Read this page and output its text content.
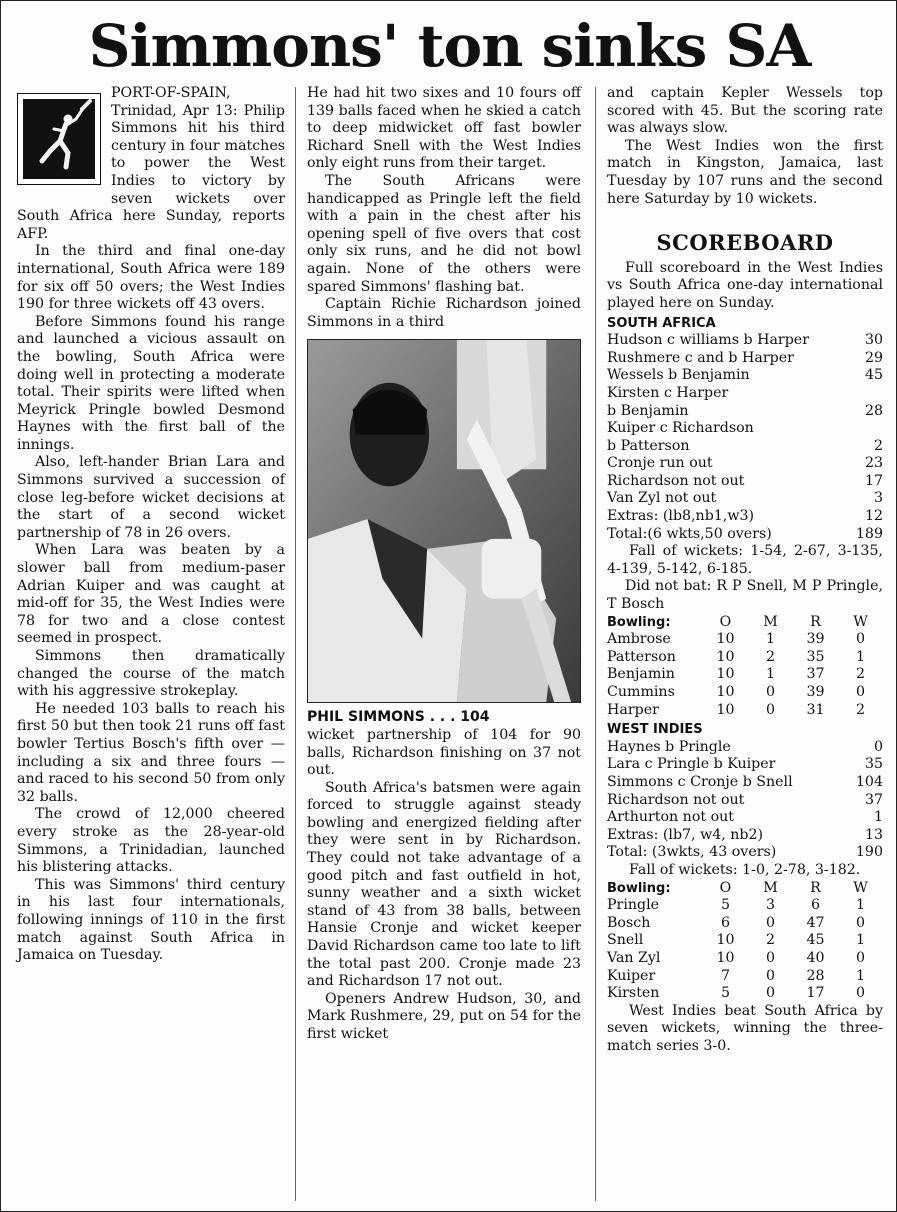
Simmons' ton sinks SA

PORT-OF-SPAIN, Trinidad, Apr 13: Philip Simmons hit his third century in four matches to power the West Indies to victory by seven wickets over South Africa here Sunday, reports AFP.

In the third and final one-day international, South Africa were 189 for six off 50 overs; the West Indies 190 for three wickets off 43 overs.

Before Simmons found his range and launched a vicious assault on the bowling, South Africa were doing well in protecting a moderate total. Their spirits were lifted when Meyrick Pringle bowled Desmond Haynes with the first ball of the innings.

Also, left-hander Brian Lara and Simmons survived a succession of close leg-before wicket decisions at the start of a second wicket partnership of 78 in 26 overs.

When Lara was beaten by a slower ball from medium-paser Adrian Kuiper and was caught at mid-off for 35, the West Indies were 78 for two and a close contest seemed in prospect.

Simmons then dramatically changed the course of the match with his aggressive strokeplay.

He needed 103 balls to reach his first 50 but then took 21 runs off fast bowler Tertius Bosch's fifth over — including a six and three fours — and raced to his second 50 from only 32 balls.

The crowd of 12,000 cheered every stroke as the 28-year-old Simmons, a Trinidadian, launched his blistering attacks.

This was Simmons' third century in his last four internationals, following innings of 110 in the first match against South Africa in Jamaica on Tuesday.

He had hit two sixes and 10 fours off 139 balls faced when he skied a catch to deep midwicket off fast bowler Richard Snell with the West Indies only eight runs from their target.

The South Africans were handicapped as Pringle left the field with a pain in the chest after his opening spell of five overs that cost only six runs, and he did not bowl again. None of the others were spared Simmons' flashing bat.

Captain Richie Richardson joined Simmons in a third

PHIL SIMMONS . . . 104

wicket partnership of 104 for 90 balls, Richardson finishing on 37 not out.

South Africa's batsmen were again forced to struggle against steady bowling and energized fielding after they were sent in by Richardson. They could not take advantage of a good pitch and fast outfield in hot, sunny weather and a sixth wicket stand of 43 from 38 balls, between Hansie Cronje and wicket keeper David Richardson came too late to lift the total past 200. Cronje made 23 and Richardson 17 not out.

Openers Andrew Hudson, 30, and Mark Rushmere, 29, put on 54 for the first wicket

and captain Kepler Wessels top scored with 45. But the scoring rate was always slow.

The West Indies won the first match in Kingston, Jamaica, last Tuesday by 107 runs and the second here Saturday by 10 wickets.

SCOREBOARD

Full scoreboard in the West Indies vs South Africa one-day international played here on Sunday.

SOUTH AFRICA
Hudson c williams b Harper	30
Rushmere c and b Harper	29
Wessels b Benjamin	45
Kirsten c Harper
b Benjamin	28
Kuiper c Richardson
b Patterson	2
Cronje run out	23
Richardson not out	17
Van Zyl not out	3
Extras: (lb8,nb1,w3)	12
Total:(6 wkts,50 overs)	189

Fall of wickets: 1-54, 2-67, 3-135, 4-139, 5-142, 6-185.

Did not bat: R P Snell, M P Pringle, T Bosch

Bowling:	O	M	R	W
Ambrose	10	1	39	0
Patterson	10	2	35	1
Benjamin	10	1	37	2
Cummins	10	0	39	0
Harper	10	0	31	2
WEST INDIES
Haynes b Pringle	0
Lara c Pringle b Kuiper	35
Simmons c Cronje b Snell	104
Richardson not out	37
Arthurton not out	1
Extras: (lb7, w4, nb2)	13
Total: (3wkts, 43 overs)	190

Fall of wickets: 1-0, 2-78, 3-182.

Bowling:	O	M	R	W
Pringle	5	3	6	1
Bosch	6	0	47	0
Snell	10	2	45	1
Van Zyl	10	0	40	0
Kuiper	7	0	28	1
Kirsten	5	0	17	0

West Indies beat South Africa by seven wickets, winning the three-match series 3-0.
